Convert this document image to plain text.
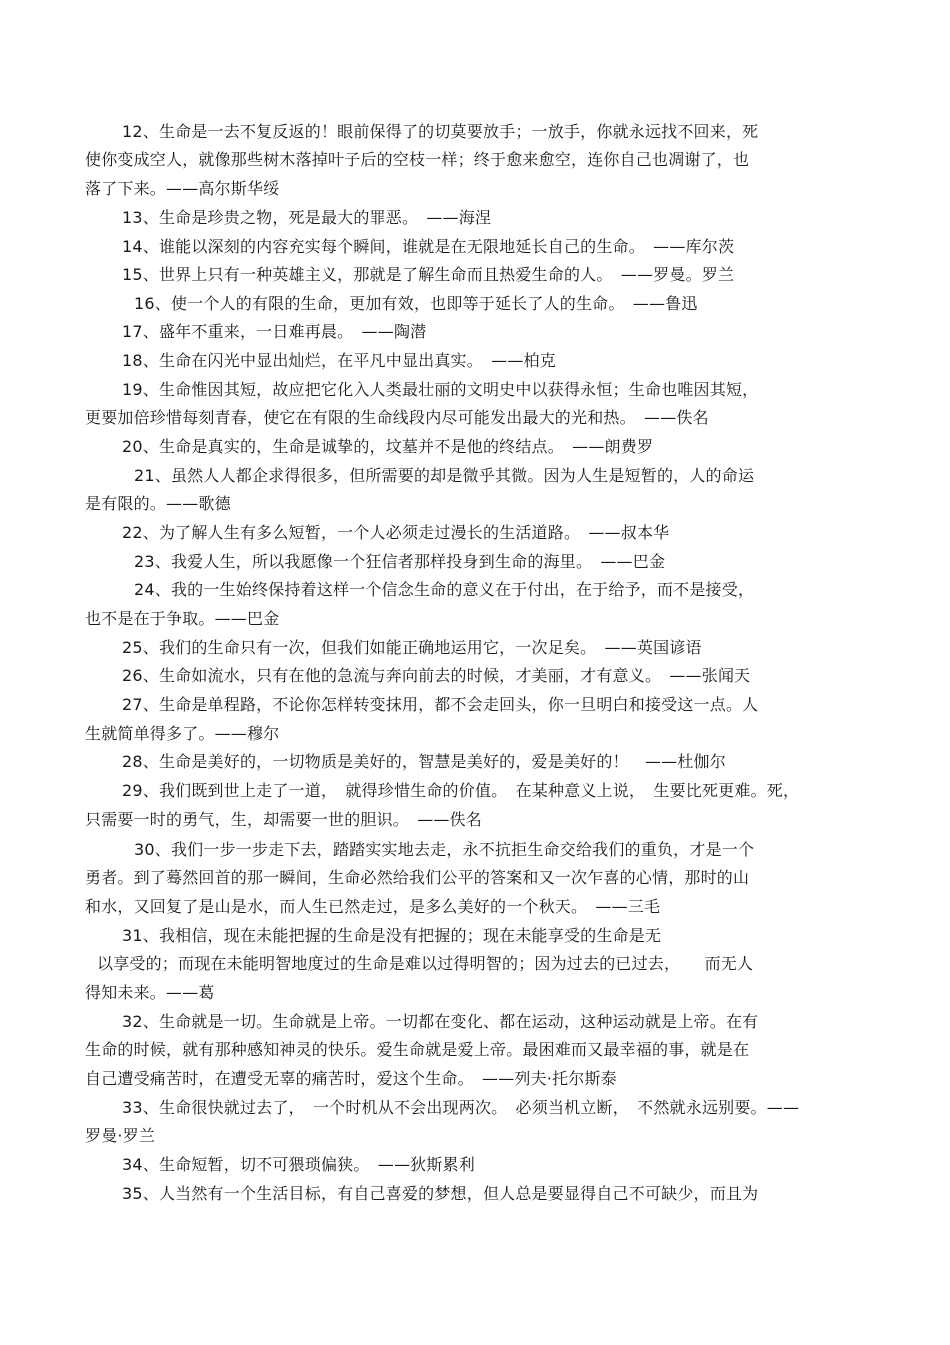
12、生命是一去不复反返的！眼前保得了的切莫要放手；一放手，你就永远找不回来，死
使你变成空人，就像那些树木落掉叶子后的空枝一样；终于愈来愈空，连你自己也凋谢了，也
落了下来。——高尔斯华绥
13、生命是珍贵之物，死是最大的罪恶。　——海涅
14、谁能以深刻的内容充实每个瞬间，谁就是在无限地延长自己的生命。　——库尔茨
15、世界上只有一种英雄主义，那就是了解生命而且热爱生命的人。　——罗曼。罗兰
16、使一个人的有限的生命，更加有效，也即等于延长了人的生命。　——鲁迅
17、盛年不重来，一日难再晨。　——陶潜
18、生命在闪光中显出灿烂，在平凡中显出真实。　——柏克
19、生命惟因其短，故应把它化入人类最壮丽的文明史中以获得永恒；生命也唯因其短，
更要加倍珍惜每刻青春，使它在有限的生命线段内尽可能发出最大的光和热。　——佚名
20、生命是真实的，生命是诚挚的，坟墓并不是他的终结点。　——朗费罗
21、虽然人人都企求得很多，但所需要的却是微乎其微。因为人生是短暂的，人的命运
是有限的。——歌德
22、为了解人生有多么短暂，一个人必须走过漫长的生活道路。　——叔本华
23、我爱人生，所以我愿像一个狂信者那样投身到生命的海里。　——巴金
24、我的一生始终保持着这样一个信念生命的意义在于付出，在于给予，而不是接受，
也不是在于争取。——巴金
25、我们的生命只有一次，但我们如能正确地运用它，一次足矣。　——英国谚语
26、生命如流水，只有在他的急流与奔向前去的时候，才美丽，才有意义。　——张闻天
27、生命是单程路，不论你怎样转变抹用，都不会走回头，你一旦明白和接受这一点。人
生就简单得多了。——穆尔
28、生命是美好的，一切物质是美好的，智慧是美好的，爱是美好的！　——杜伽尔
29、我们既到世上走了一道，　就得珍惜生命的价值。　在某种意义上说，　生要比死更难。死，
只需要一时的勇气，生，却需要一世的胆识。　——佚名
30、我们一步一步走下去，踏踏实实地去走，永不抗拒生命交给我们的重负，才是一个
勇者。到了蓦然回首的那一瞬间，生命必然给我们公平的答案和又一次乍喜的心情，那时的山
和水，又回复了是山是水，而人生已然走过，是多么美好的一个秋天。　——三毛
31、我相信，现在未能把握的生命是没有把握的；现在未能享受的生命是无
以享受的；而现在未能明智地度过的生命是难以过得明智的；因为过去的已过去，　　而无人
得知未来。——葛
32、生命就是一切。生命就是上帝。一切都在变化、都在运动，这种运动就是上帝。在有
生命的时候，就有那种感知神灵的快乐。爱生命就是爱上帝。最困难而又最幸福的事，就是在
自己遭受痛苦时，在遭受无辜的痛苦时，爱这个生命。　——列夫·托尔斯泰
33、生命很快就过去了，　一个时机从不会出现两次。　必须当机立断，　不然就永远别要。——
罗曼·罗兰
34、生命短暂，切不可猥琐偏狭。　——狄斯累利
35、人当然有一个生活目标，有自己喜爱的梦想，但人总是要显得自己不可缺少，而且为
